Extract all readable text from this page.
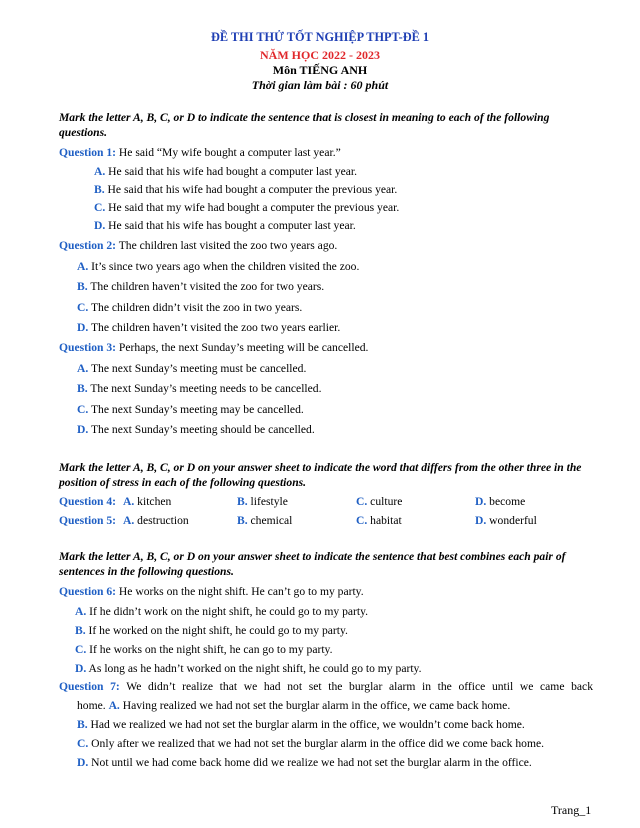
ĐỀ THI THỬ TỐT NGHIỆP THPT-ĐỀ 1
NĂM HỌC 2022 - 2023
Môn TIẾNG ANH
Thời gian làm bài : 60 phút
Mark the letter A, B, C, or D to indicate the sentence that is closest in meaning to each of the following questions.
Question 1: He said “My wife bought a computer last year.”
A. He said that his wife had bought a computer last year.
B. He said that his wife had bought a computer the previous year.
C. He said that my wife had bought a computer the previous year.
D. He said that his wife has bought a computer last year.
Question 2: The children last visited the zoo two years ago.
A. It’s since two years ago when the children visited the zoo.
B. The children haven’t visited the zoo for two years.
C. The children didn’t visit the zoo in two years.
D. The children haven’t visited the zoo two years earlier.
Question 3: Perhaps, the next Sunday’s meeting will be cancelled.
A. The next Sunday’s meeting must be cancelled.
B. The next Sunday’s meeting needs to be cancelled.
C. The next Sunday’s meeting may be cancelled.
D. The next Sunday’s meeting should be cancelled.
Mark the letter A, B, C, or D on your answer sheet to indicate the word that differs from the other three in the position of stress in each of the following questions.
Question 4: A. kitchen	B. lifestyle	C. culture	D. become
Question 5: A. destruction	B. chemical	C. habitat	D. wonderful
Mark the letter A, B, C, or D on your answer sheet to indicate the sentence that best combines each pair of sentences in the following questions.
Question 6: He works on the night shift. He can’t go to my party.
A. If he didn’t work on the night shift, he could go to my party.
B. If he worked on the night shift, he could go to my party.
C. If he works on the night shift, he can go to my party.
D. As long as he hadn’t worked on the night shift, he could go to my party.
Question 7: We didn’t realize that we had not set the burglar alarm in the office until we came back
home. A. Having realized we had not set the burglar alarm in the office, we came back home.
B. Had we realized we had not set the burglar alarm in the office, we wouldn’t come back home.
C. Only after we realized that we had not set the burglar alarm in the office did we come back home.
D. Not until we had come back home did we realize we had not set the burglar alarm in the office.
Trang_1
